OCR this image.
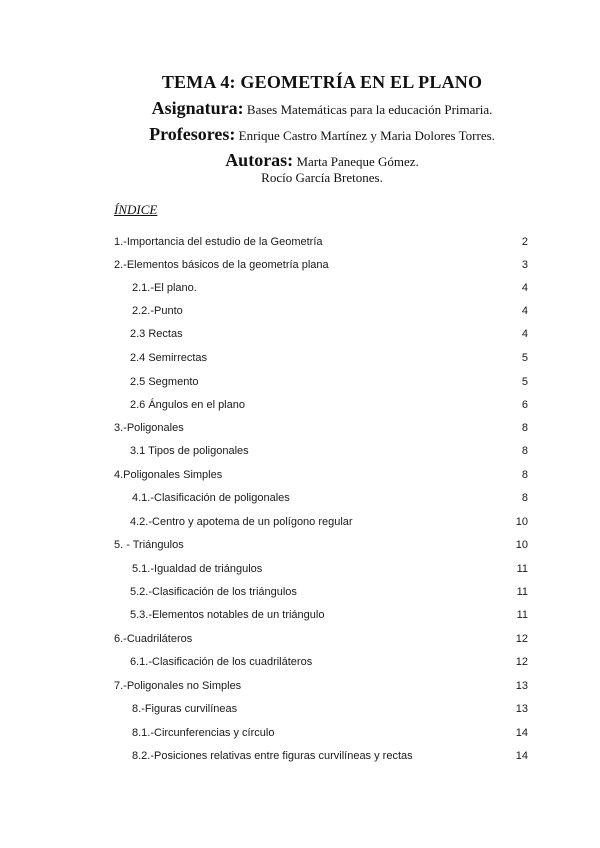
TEMA 4: GEOMETRÍA EN EL PLANO
Asignatura: Bases Matemáticas para la educación Primaria.
Profesores: Enrique Castro Martínez y Maria Dolores Torres.
Autoras: Marta Paneque Gómez.
Rocío García Bretones.
ÍNDICE
1.-Importancia del estudio de la Geometría	2
2.-Elementos básicos de la geometría plana	3
2.1.-El plano.	4
2.2.-Punto	4
2.3 Rectas	4
2.4 Semirrectas	5
2.5 Segmento	5
2.6 Ángulos en el plano	6
3.-Poligonales	8
3.1 Tipos de poligonales	8
4.Poligonales Simples	8
4.1.-Clasificación de poligonales	8
4.2.-Centro y apotema de un polígono regular	10
5. - Triángulos	10
5.1.-Igualdad de triángulos	11
5.2.-Clasificación de los triángulos	11
5.3.-Elementos notables de un triángulo	11
6.-Cuadriláteros	12
6.1.-Clasificación de los cuadriláteros	12
7.-Poligonales no Simples	13
8.-Figuras curvilíneas	13
8.1.-Circunferencias y círculo	14
8.2.-Posiciones relativas entre figuras curvilíneas y rectas	14
